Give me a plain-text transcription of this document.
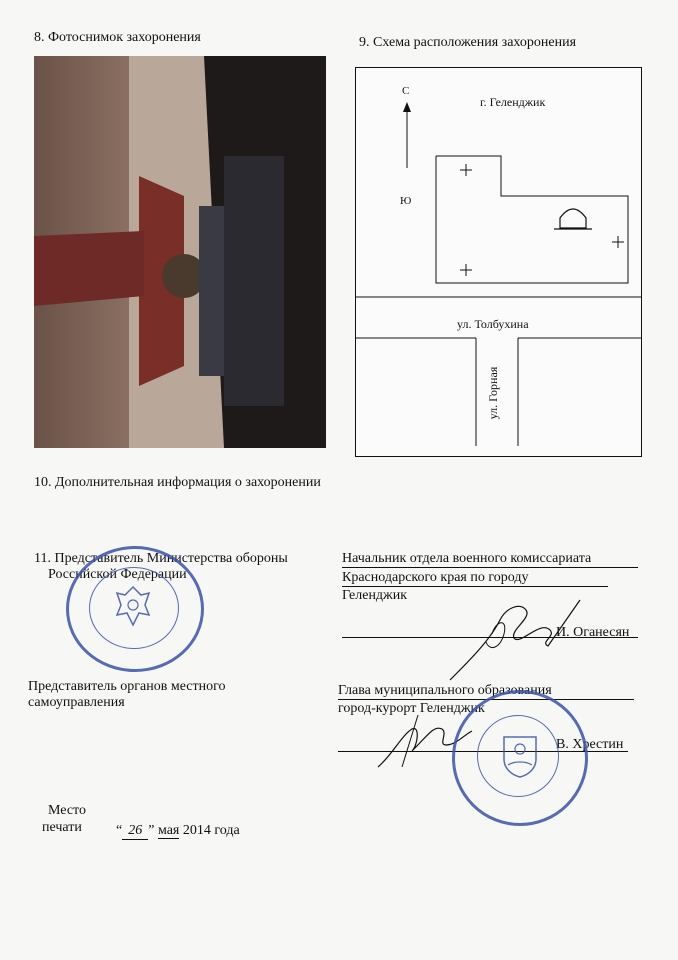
8. Фотоснимок захоронения	9. Схема расположения захоронения
С
Ю
г. Геленджик
ул. Толбухина
ул. Горная
10. Дополнительная информация о захоронении
11. Представитель Министерства обороны
Российской Федерации
Начальник отдела военного комиссариата
Краснодарского края по городу
Геленджик
И. Оганесян
Представитель органов местного
самоуправления
Глава муниципального образования
город-курорт Геленджик
В. Хрестин
Место
печати “ 26 ” мая 2014 года
